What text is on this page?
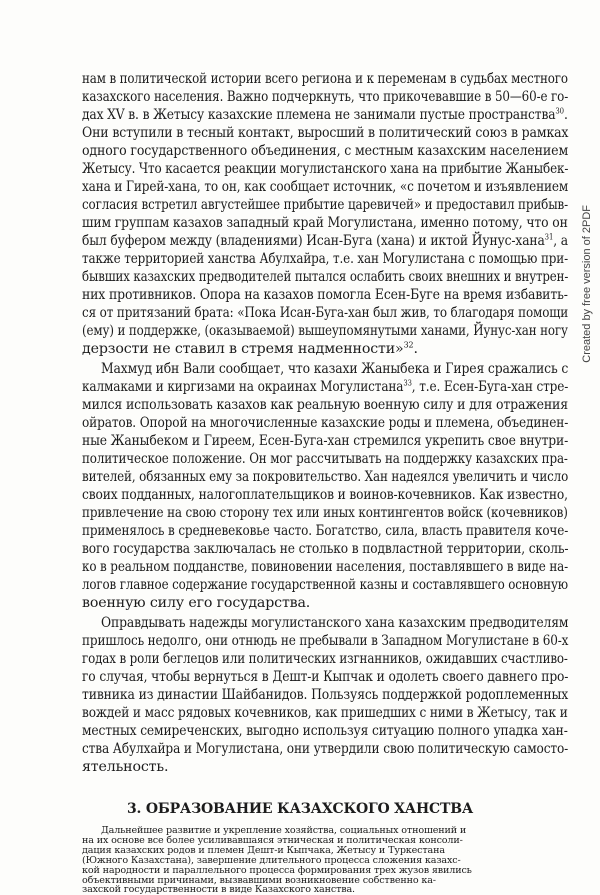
нам в политической истории всего региона и к переменам в судьбах местного
казахского населения. Важно подчеркнуть, что прикочевавшие в 50—60-е го-
дах XV в. в Жетысу казахские племена не занимали пустые пространства$^{30}$.
Они вступили в тесный контакт, выросший в политический союз в рамках
одного государственного объединения, с местным казахским населением
Жетысу. Что касается реакции могулистанского хана на прибытие Жаныбек-
хана и Гирей-хана, то он, как сообщает источник, «с почетом и изъявлением
согласия встретил августейшее прибытие царевичей» и предоставил прибыв-
шим группам казахов западный край Могулистана, именно потому, что он
был буфером между (владениями) Исан-Буга (хана) и иктой Йунус-хана$^{31}$, а
также территорией ханства Абулхайра, т.е. хан Могулистана с помощью при-
бывших казахских предводителей пытался ослабить своих внешних и внутрен-
них противников. Опора на казахов помогла Есен-Буге на время избавить-
ся от притязаний брата: «Пока Исан-Буга-хан был жив, то благодаря помощи
(ему) и поддержке, (оказываемой) вышеупомянутыми ханами, Йунус-хан ногу
дерзости не ставил в стремя надменности»$^{32}$.
Махмуд ибн Вали сообщает, что казахи Жаныбека и Гирея сражались с
калмаками и киргизами на окраинах Могулистана$^{33}$, т.е. Есен-Буга-хан стре-
мился использовать казахов как реальную военную силу и для отражения
ойратов. Опорой на многочисленные казахские роды и племена, объединен-
ные Жаныбеком и Гиреем, Есен-Буга-хан стремился укрепить свое внутри-
политическое положение. Он мог рассчитывать на поддержку казахских пра-
вителей, обязанных ему за покровительство. Хан надеялся увеличить и число
своих подданных, налогоплательщиков и воинов-кочевников. Как известно,
привлечение на свою сторону тех или иных контингентов войск (кочевников)
применялось в средневековье часто. Богатство, сила, власть правителя коче-
вого государства заключалась не столько в подвластной территории, сколь-
ко в реальном подданстве, повиновении населения, поставлявшего в виде на-
логов главное содержание государственной казны и составлявшего основную
военную силу его государства.
Оправдывать надежды могулистанского хана казахским предводителям
пришлось недолго, они отнюдь не пребывали в Западном Могулистане в 60-х
годах в роли беглецов или политических изгнанников, ожидавших счастливо-
го случая, чтобы вернуться в Дешт-и Кыпчак и одолеть своего давнего про-
тивника из династии Шайбанидов. Пользуясь поддержкой родоплеменных
вождей и масс рядовых кочевников, как пришедших с ними в Жетысу, так и
местных семиреченских, выгодно используя ситуацию полного упадка хан-
ства Абулхайра и Могулистана, они утвердили свою политическую самосто-
ятельность.
3. ОБРАЗОВАНИЕ КАЗАХСКОГО ХАНСТВА
Дальнейшее развитие и укрепление хозяйства, социальных отношений и
на их основе все более усиливавшаяся этническая и политическая консоли-
дация казахских родов и племен Дешт-и Кыпчака, Жетысу и Туркестана
(Южного Казахстана), завершение длительного процесса сложения казахс-
кой народности и параллельного процесса формирования трех жузов явились
объективными причинами, вызвавшими возникновение собственно ка-
захской государственности в виде Казахского ханства.
Created by free version of 2PDF
